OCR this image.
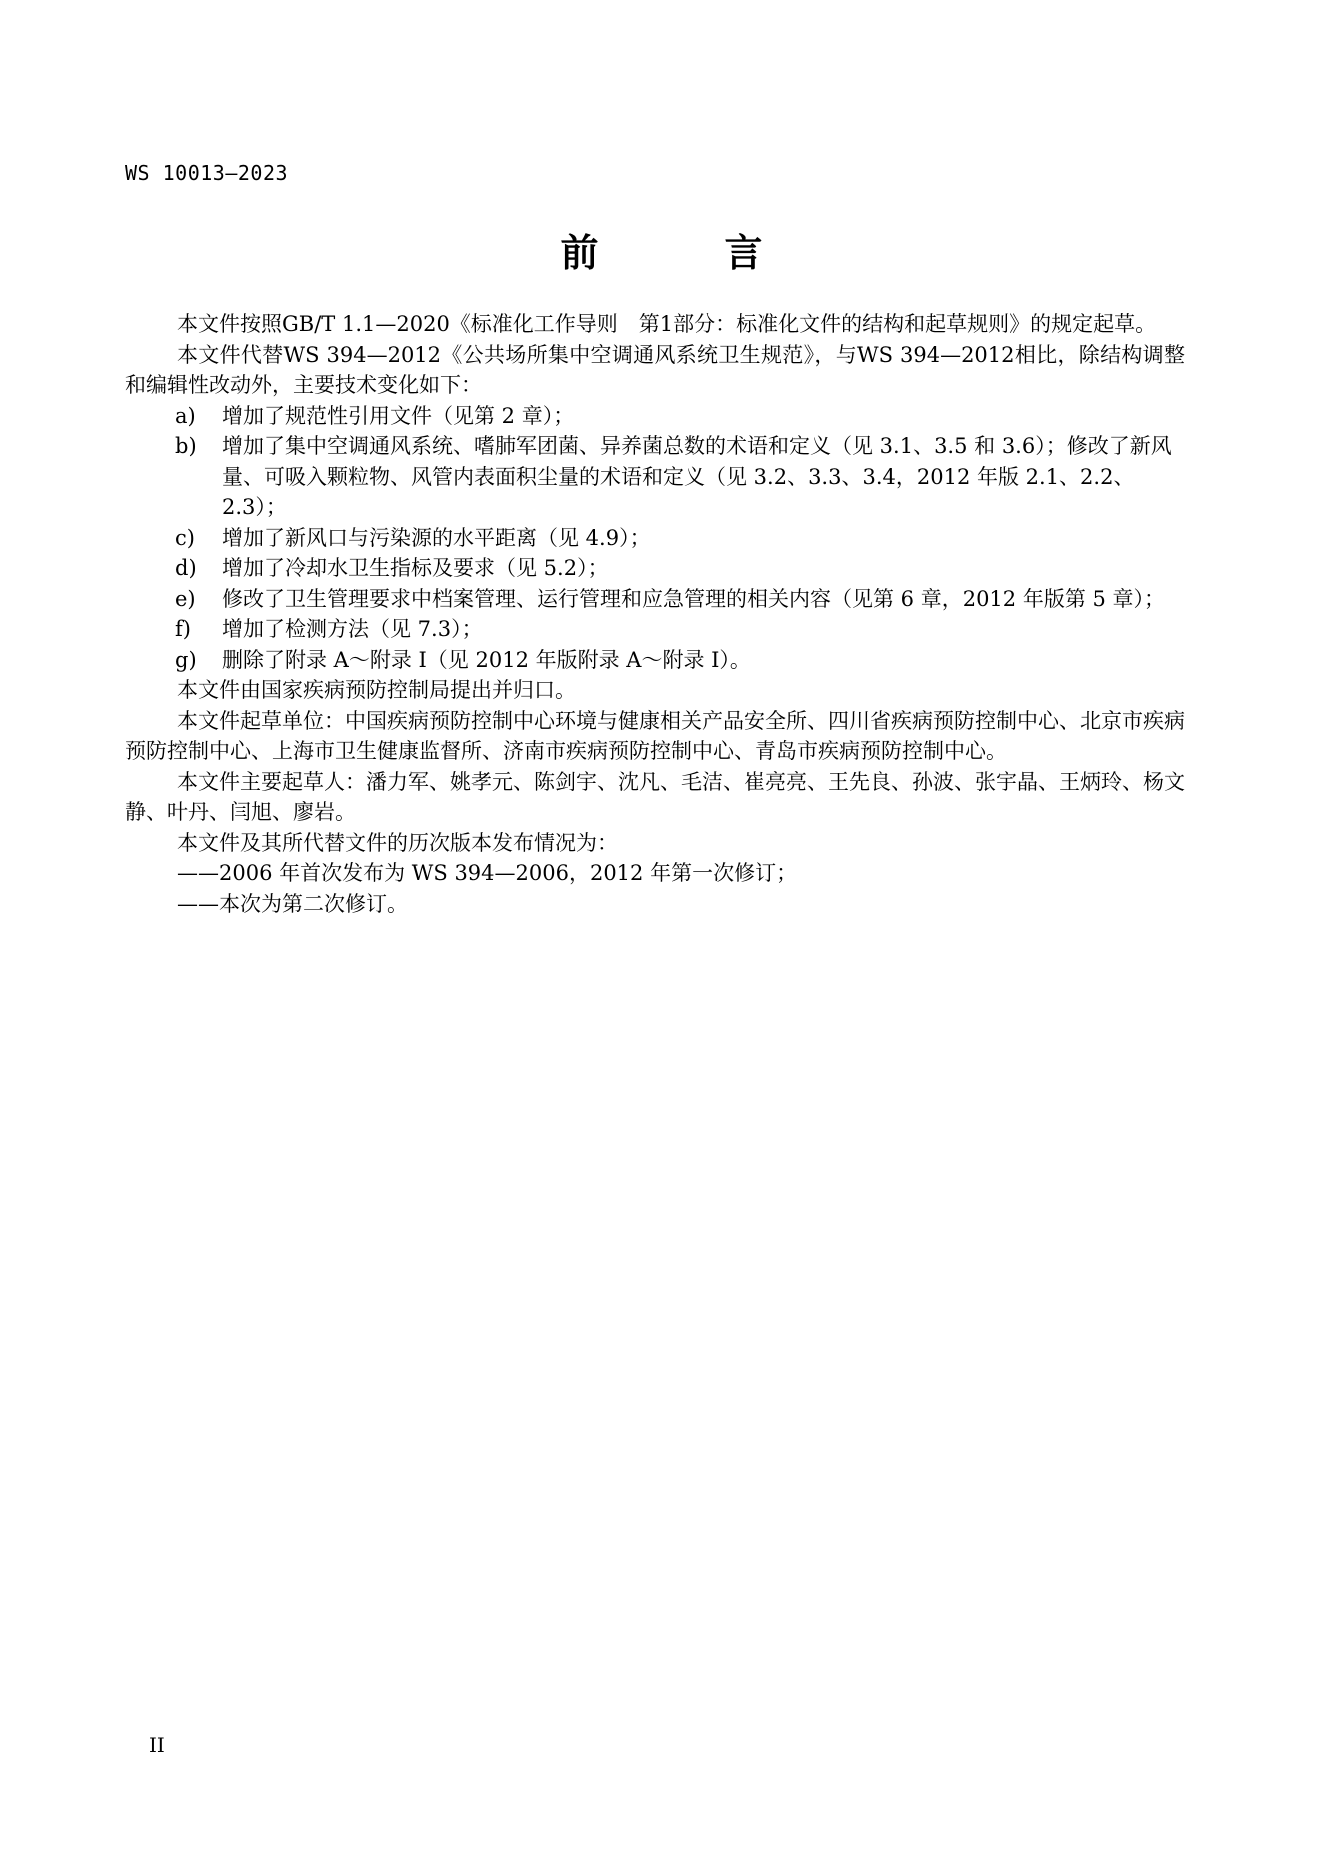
WS 10013—2023
前　言

本文件按照GB/T 1.1—2020《标准化工作导则　第1部分：标准化文件的结构和起草规则》的规定起草。

本文件代替WS 394—2012《公共场所集中空调通风系统卫生规范》，与WS 394—2012相比，除结构调整和编辑性改动外，主要技术变化如下：

a) 增加了规范性引用文件（见第 2 章）；
b) 增加了集中空调通风系统、嗜肺军团菌、异养菌总数的术语和定义（见 3.1、3.5 和 3.6）；修改了新风量、可吸入颗粒物、风管内表面积尘量的术语和定义（见 3.2、3.3、3.4，2012 年版 2.1、2.2、2.3）；
c) 增加了新风口与污染源的水平距离（见 4.9）；
d) 增加了冷却水卫生指标及要求（见 5.2）；
e) 修改了卫生管理要求中档案管理、运行管理和应急管理的相关内容（见第 6 章，2012 年版第 5 章）；
f) 增加了检测方法（见 7.3）；
g) 删除了附录 A～附录 I（见 2012 年版附录 A～附录 I）。

本文件由国家疾病预防控制局提出并归口。

本文件起草单位：中国疾病预防控制中心环境与健康相关产品安全所、四川省疾病预防控制中心、北京市疾病预防控制中心、上海市卫生健康监督所、济南市疾病预防控制中心、青岛市疾病预防控制中心。

本文件主要起草人：潘力军、姚孝元、陈剑宇、沈凡、毛洁、崔亮亮、王先良、孙波、张宇晶、王炳玲、杨文静、叶丹、闫旭、廖岩。

本文件及其所代替文件的历次版本发布情况为：

——2006 年首次发布为 WS 394—2006，2012 年第一次修订；

——本次为第二次修订。

II
